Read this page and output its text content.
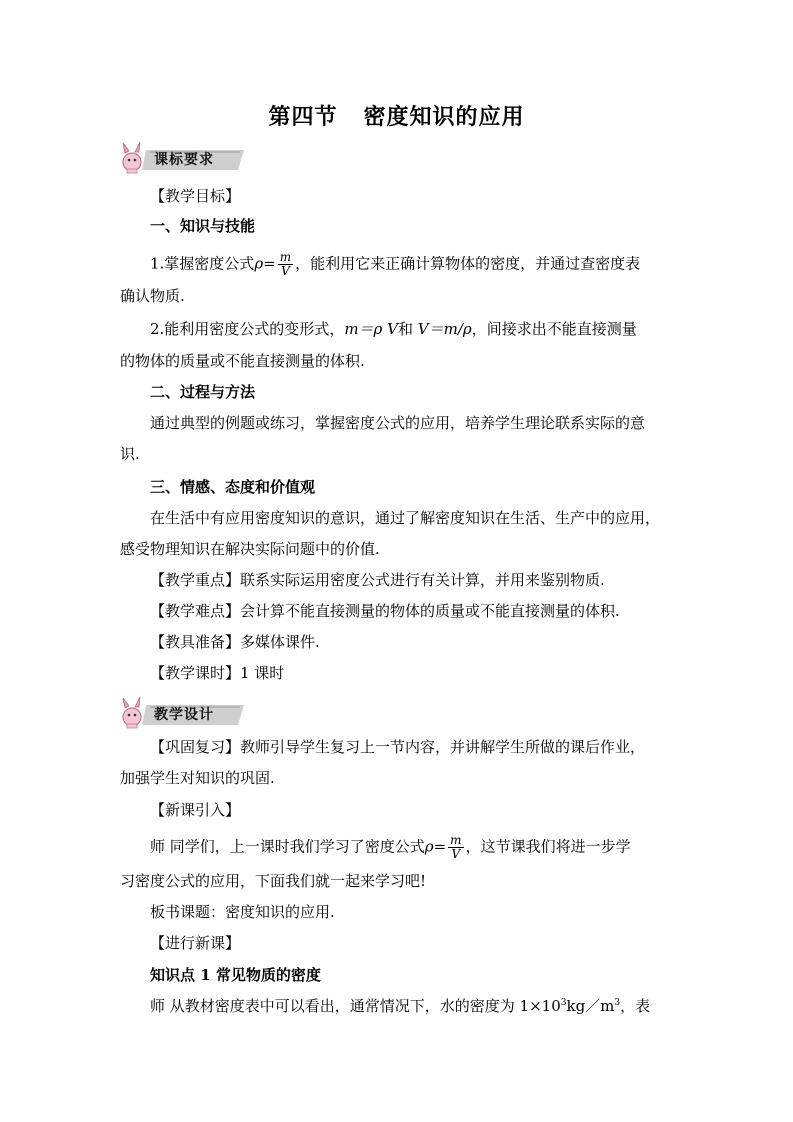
第四节 密度知识的应用
课标要求
【教学目标】
一、知识与技能
1.掌握密度公式$\rho= \frac{m}{V}$ ，能利用它来正确计算物体的密度，并通过查密度表
确认物质.
2.能利用密度公式的变形式，m＝ρ V和 V＝m/ρ，间接求出不能直接测量
的物体的质量或不能直接测量的体积.
二、过程与方法
通过典型的例题或练习，掌握密度公式的应用，培养学生理论联系实际的意
识.
三、情感、态度和价值观
在生活中有应用密度知识的意识，通过了解密度知识在生活、生产中的应用，
感受物理知识在解决实际问题中的价值.
【教学重点】联系实际运用密度公式进行有关计算，并用来鉴别物质.
【教学难点】会计算不能直接测量的物体的质量或不能直接测量的体积.
【教具准备】多媒体课件.
【教学课时】1 课时
教学设计
【巩固复习】教师引导学生复习上一节内容，并讲解学生所做的课后作业，
加强学生对知识的巩固.
【新课引入】
师 同学们，上一课时我们学习了密度公式$\rho= \frac{m}{V}$ ，这节课我们将进一步学
习密度公式的应用，下面我们就一起来学习吧!
板书课题：密度知识的应用.
【进行新课】
知识点 1 常见物质的密度
师 从教材密度表中可以看出，通常情况下，水的密度为 $1\times 10^3kg/m^3$，表
